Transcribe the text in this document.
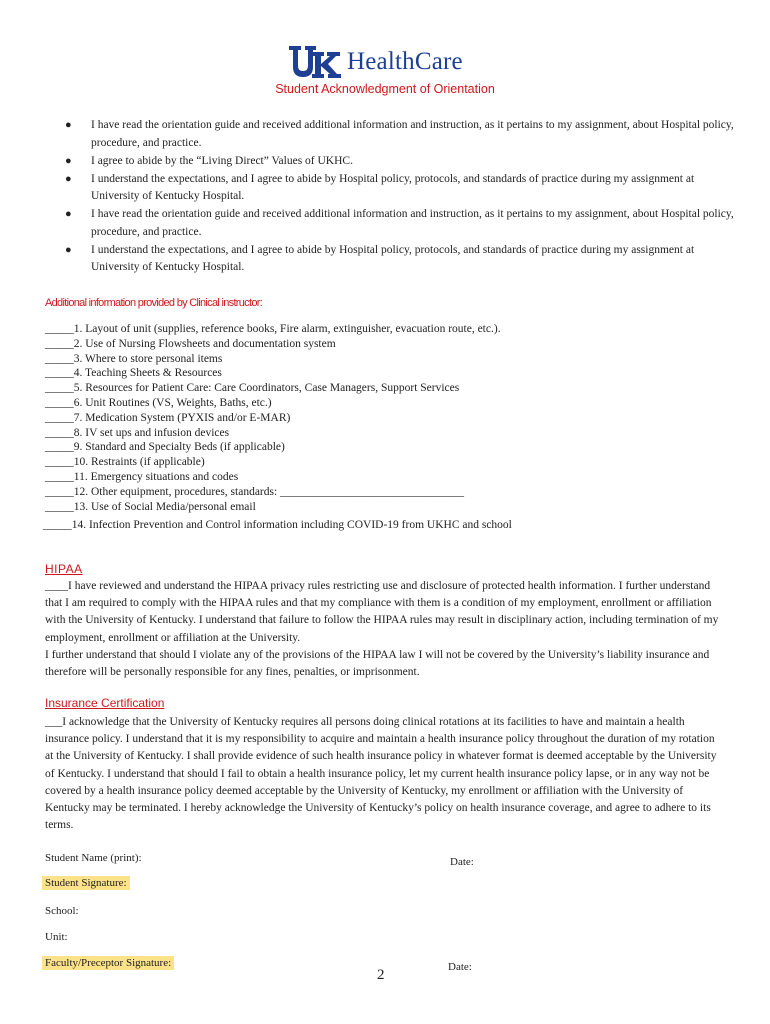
HealthCare
Student Acknowledgment of Orientation
● I have read the orientation guide and received additional information and instruction, as it pertains to my assignment, about Hospital policy, procedure, and practice.
● I agree to abide by the “Living Direct” Values of UKHC.
● I understand the expectations, and I agree to abide by Hospital policy, protocols, and standards of practice during my assignment at University of Kentucky Hospital.
● I have read the orientation guide and received additional information and instruction, as it pertains to my assignment, about Hospital policy, procedure, and practice.
● I understand the expectations, and I agree to abide by Hospital policy, protocols, and standards of practice during my assignment at University of Kentucky Hospital.
Additional information provided by Clinical instructor:
_____1. Layout of unit (supplies, reference books, Fire alarm, extinguisher, evacuation route, etc.).
_____2. Use of Nursing Flowsheets and documentation system
_____3. Where to store personal items
_____4. Teaching Sheets & Resources
_____5. Resources for Patient Care: Care Coordinators, Case Managers, Support Services
_____6. Unit Routines (VS, Weights, Baths, etc.)
_____7. Medication System (PYXIS and/or E-MAR)
_____8. IV set ups and infusion devices
_____9. Standard and Specialty Beds (if applicable)
_____10. Restraints (if applicable)
_____11. Emergency situations and codes
_____12. Other equipment, procedures, standards: ________________________________
_____13. Use of Social Media/personal email
_____14. Infection Prevention and Control information including COVID-19 from UKHC and school
HIPAA
____I have reviewed and understand the HIPAA privacy rules restricting use and disclosure of protected health information. I further understand that I am required to comply with the HIPAA rules and that my compliance with them is a condition of my employment, enrollment or affiliation with the University of Kentucky. I understand that failure to follow the HIPAA rules may result in disciplinary action, including termination of my employment, enrollment or affiliation at the University.
I further understand that should I violate any of the provisions of the HIPAA law I will not be covered by the University’s liability insurance and therefore will be personally responsible for any fines, penalties, or imprisonment.
Insurance Certification
___I acknowledge that the University of Kentucky requires all persons doing clinical rotations at its facilities to have and maintain a health insurance policy. I understand that it is my responsibility to acquire and maintain a health insurance policy throughout the duration of my rotation at the University of Kentucky. I shall provide evidence of such health insurance policy in whatever format is deemed acceptable by the University of Kentucky. I understand that should I fail to obtain a health insurance policy, let my current health insurance policy lapse, or in any way not be covered by a health insurance policy deemed acceptable by the University of Kentucky, my enrollment or affiliation with the University of Kentucky may be terminated. I hereby acknowledge the University of Kentucky’s policy on health insurance coverage, and agree to adhere to its terms.
Student Name (print):	Date:
Student Signature:
School:
Unit:
Faculty/Preceptor Signature:	Date:
2
